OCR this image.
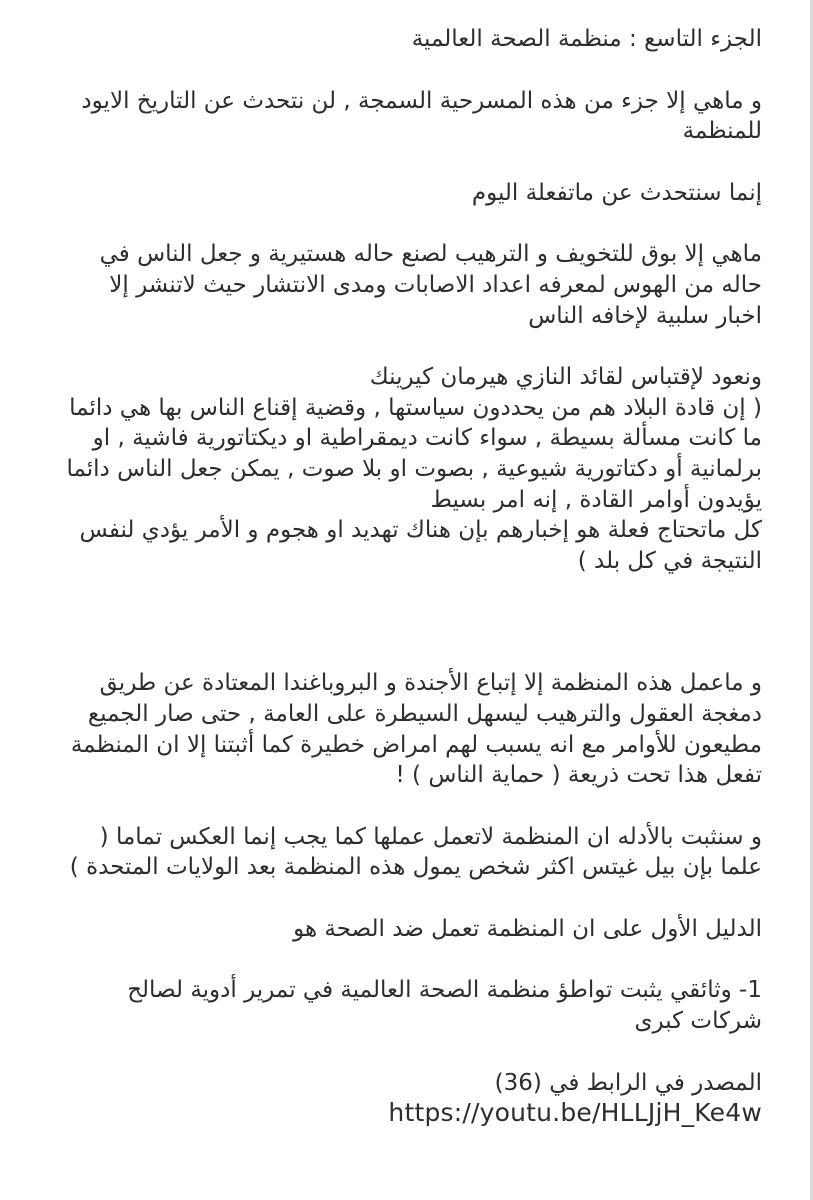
الجزء التاسع : منظمة الصحة العالمية

و ماهي إلا جزء من هذه المسرحية السمجة , لن نتحدث عن التاريخ الايود للمنظمة

إنما سنتحدث عن ماتفعلة اليوم

ماهي إلا بوق للتخويف و الترهيب لصنع حاله هستيرية و جعل الناس في حاله من الهوس لمعرفه اعداد الاصابات ومدى الانتشار حيث لاتنشر إلا اخبار سلبية لإخافه الناس

ونعود لإقتباس لقائد النازي هيرمان كيرينك

( إن قادة البلاد هم من يحددون سياستها , وقضية إقناع الناس بها هي دائما ما كانت مسألة بسيطة , سواء كانت ديمقراطية او ديكتاتورية فاشية , او برلمانية أو دكتاتورية شيوعية , بصوت او بلا صوت , يمكن جعل الناس دائما يؤيدون أوامر القادة , إنه امر بسيط

كل ماتحتاج فعلة هو إخبارهم بإن هناك تهديد او هجوم و الأمر يؤدي لنفس النتيجة في كل بلد )

و ماعمل هذه المنظمة إلا إتباع الأجندة و البروباغندا المعتادة عن طريق دمغجة العقول والترهيب ليسهل السيطرة على العامة , حتى صار الجميع مطيعون للأوامر مع انه يسبب لهم امراض خطيرة كما أثبتنا إلا ان المنظمة تفعل هذا تحت ذريعة ( حماية الناس ) !

و سنثبت بالأدله ان المنظمة لاتعمل عملها كما يجب إنما العكس تماما ( علما بإن بيل غيتس اكثر شخص يمول هذه المنظمة بعد الولايات المتحدة )

الدليل الأول على ان المنظمة تعمل ضد الصحة هو

1- وثائقي يثبت تواطؤ منظمة الصحة العالمية في تمرير أدوية لصالح شركات كبرى

المصدر في الرابط في (36)

https://youtu.be/HLLJjH_Ke4w
